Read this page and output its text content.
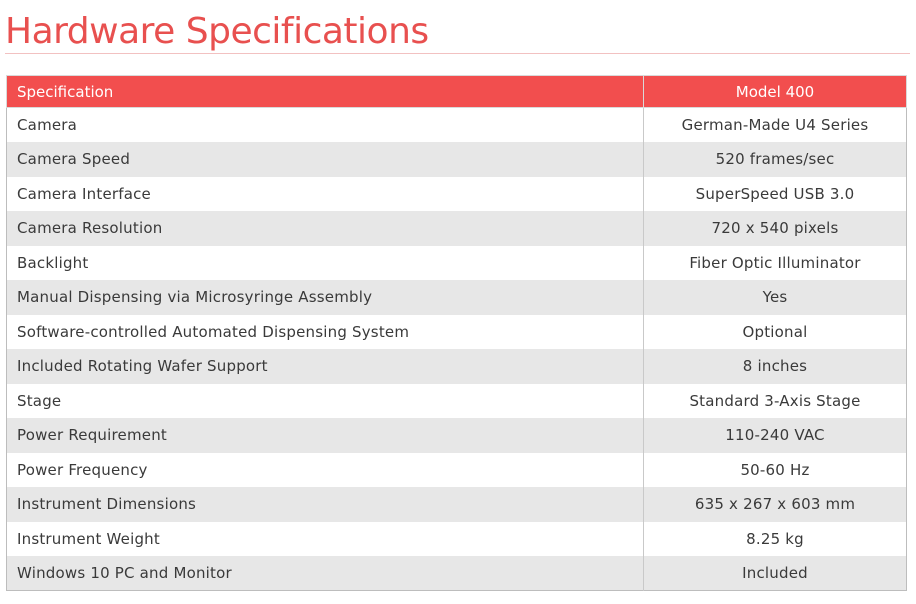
Hardware Specifications
Specification	Model 400
Camera	German-Made U4 Series
Camera Speed	520 frames/sec
Camera Interface	SuperSpeed USB 3.0
Camera Resolution	720 x 540 pixels
Backlight	Fiber Optic Illuminator
Manual Dispensing via Microsyringe Assembly	Yes
Software-controlled Automated Dispensing System	Optional
Included Rotating Wafer Support	8 inches
Stage	Standard 3-Axis Stage
Power Requirement	110-240 VAC
Power Frequency	50-60 Hz
Instrument Dimensions	635 x 267 x 603 mm
Instrument Weight	8.25 kg
Windows 10 PC and Monitor	Included
